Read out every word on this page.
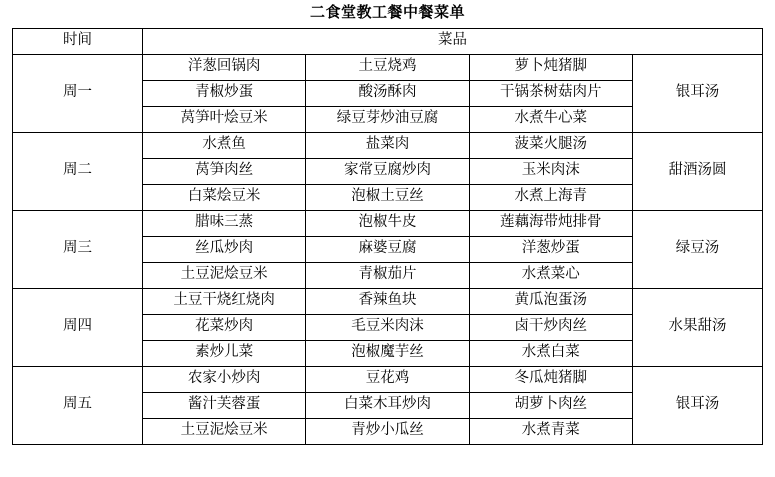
二食堂教工餐中餐菜单
时间	菜品			
周一	洋葱回锅肉	土豆烧鸡	萝卜炖猪脚	银耳汤
	青椒炒蛋	酸汤酥肉	干锅茶树菇肉片	
	莴笋叶烩豆米	绿豆芽炒油豆腐	水煮牛心菜	
周二	水煮鱼	盐菜肉	菠菜火腿汤	甜酒汤圆
	莴笋肉丝	家常豆腐炒肉	玉米肉沫	
	白菜烩豆米	泡椒土豆丝	水煮上海青	
周三	腊味三蒸	泡椒牛皮	莲藕海带炖排骨	绿豆汤
	丝瓜炒肉	麻婆豆腐	洋葱炒蛋	
	土豆泥烩豆米	青椒茄片	水煮菜心	
周四	土豆干烧红烧肉	香辣鱼块	黄瓜泡蛋汤	水果甜汤
	花菜炒肉	毛豆米肉沫	卤干炒肉丝	
	素炒儿菜	泡椒魔芋丝	水煮白菜	
周五	农家小炒肉	豆花鸡	冬瓜炖猪脚	银耳汤
	酱汁芙蓉蛋	白菜木耳炒肉	胡萝卜肉丝	
	土豆泥烩豆米	青炒小瓜丝	水煮青菜	
